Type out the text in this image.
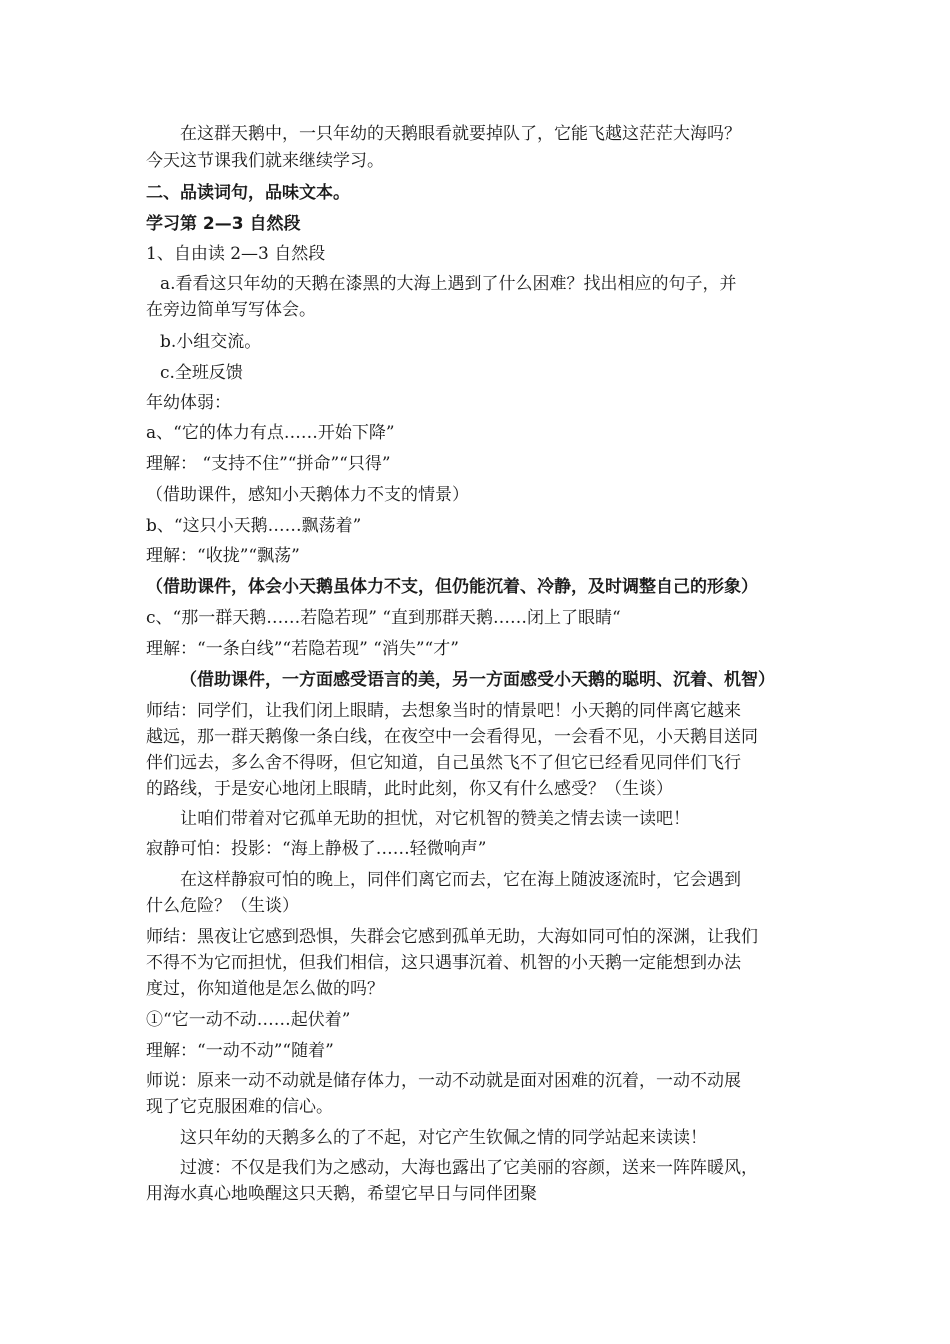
在这群天鹅中，一只年幼的天鹅眼看就要掉队了，它能飞越这茫茫大海吗？

今天这节课我们就来继续学习。

二、品读词句，品味文本。

学习第 2—3 自然段

1、自由读 2—3 自然段

a.看看这只年幼的天鹅在漆黑的大海上遇到了什么困难？找出相应的句子，并

在旁边简单写写体会。

b.小组交流。

c.全班反馈

年幼体弱：

a、“它的体力有点……开始下降”

理解： “支持不住”“拼命”“只得”

（借助课件，感知小天鹅体力不支的情景）

b、“这只小天鹅……飘荡着”

理解：“收拢”“飘荡”

（借助课件，体会小天鹅虽体力不支，但仍能沉着、冷静，及时调整自己的形象）

c、“那一群天鹅……若隐若现” “直到那群天鹅……闭上了眼睛“

理解：“一条白线”“若隐若现” “消失”“才”

（借助课件，一方面感受语言的美，另一方面感受小天鹅的聪明、沉着、机智）

师结：同学们，让我们闭上眼睛，去想象当时的情景吧！小天鹅的同伴离它越来

越远，那一群天鹅像一条白线，在夜空中一会看得见，一会看不见，小天鹅目送同

伴们远去，多么舍不得呀，但它知道，自己虽然飞不了但它已经看见同伴们飞行

的路线，于是安心地闭上眼睛，此时此刻，你又有什么感受？（生谈）

让咱们带着对它孤单无助的担忧，对它机智的赞美之情去读一读吧！

寂静可怕：投影：“海上静极了……轻微响声”

在这样静寂可怕的晚上，同伴们离它而去，它在海上随波逐流时，它会遇到

什么危险？（生谈）

师结：黑夜让它感到恐惧，失群会它感到孤单无助，大海如同可怕的深渊，让我们

不得不为它而担忧，但我们相信，这只遇事沉着、机智的小天鹅一定能想到办法

度过，你知道他是怎么做的吗？

①“它一动不动……起伏着”

理解：“一动不动”“随着”

师说：原来一动不动就是储存体力，一动不动就是面对困难的沉着，一动不动展

现了它克服困难的信心。

这只年幼的天鹅多么的了不起，对它产生钦佩之情的同学站起来读读！

过渡：不仅是我们为之感动，大海也露出了它美丽的容颜，送来一阵阵暖风，

用海水真心地唤醒这只天鹅，希望它早日与同伴团聚
